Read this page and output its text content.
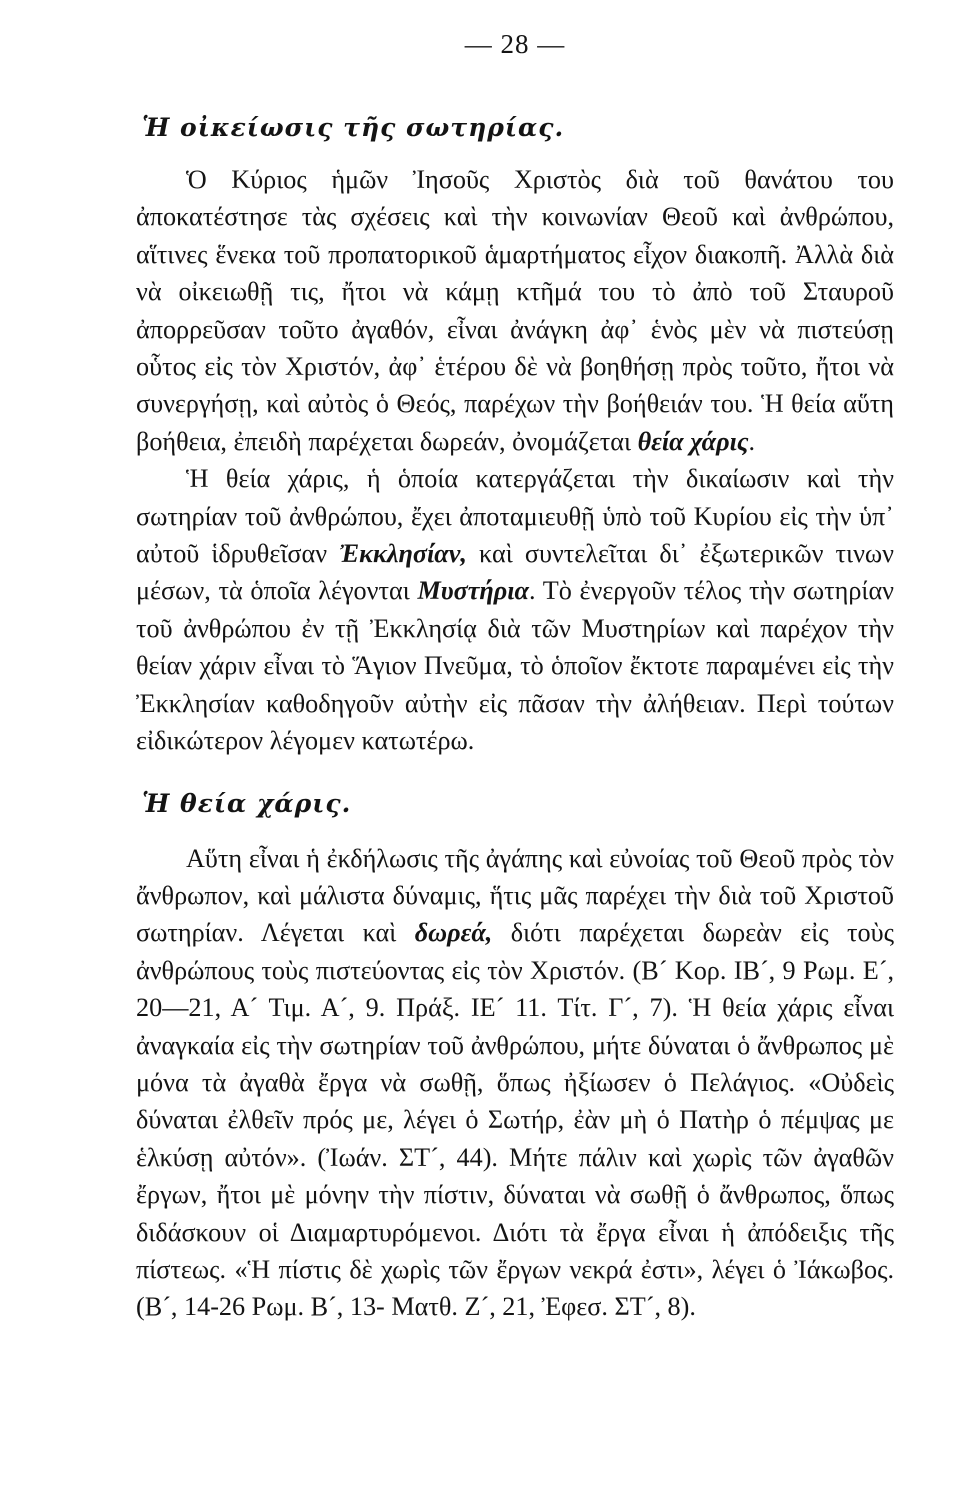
— 28 —
Ἡ οἰκείωσις τῆς σωτηρίας.

Ὁ Κύριος ἡμῶν Ἰησοῦς Χριστὸς διὰ τοῦ θανάτου του ἀποκατέστησε τὰς σχέσεις καὶ τὴν κοινωνίαν Θεοῦ καὶ ἀνθρώπου, αἵτινες ἕνεκα τοῦ προπατορικοῦ ἁμαρτήματος εἶχον διακοπῆ. Ἀλλὰ διὰ νὰ οἰκειωθῇ τις, ἤτοι νὰ κάμῃ κτῆμά του τὸ ἀπὸ τοῦ Σταυροῦ ἀπορρεῦσαν τοῦτο ἀγαθόν, εἶναι ἀνάγκη ἀφ᾽ ἑνὸς μὲν νὰ πιστεύσῃ οὗτος εἰς τὸν Χριστόν, ἀφ᾽ ἑτέρου δὲ νὰ βοηθήσῃ πρὸς τοῦτο, ἤτοι νὰ συνεργήσῃ, καὶ αὐτὸς ὁ Θεός, παρέχων τὴν βοήθειάν του. Ἡ θεία αὕτη βοήθεια, ἐπειδὴ παρέχεται δωρεάν, ὀνομάζεται θεία χάρις.

Ἡ θεία χάρις, ἡ ὁποία κατεργάζεται τὴν δικαίωσιν καὶ τὴν σωτηρίαν τοῦ ἀνθρώπου, ἔχει ἀποταμιευθῇ ὑπὸ τοῦ Κυρίου εἰς τὴν ὑπ᾽ αὐτοῦ ἱδρυθεῖσαν Ἐκκλησίαν, καὶ συντελεῖται δι᾽ ἐξωτερικῶν τινων μέσων, τὰ ὁποῖα λέγονται Μυστήρια. Τὸ ἐνεργοῦν τέλος τὴν σωτηρίαν τοῦ ἀνθρώπου ἐν τῇ Ἐκκλησίᾳ διὰ τῶν Μυστηρίων καὶ παρέχον τὴν θείαν χάριν εἶναι τὸ Ἅγιον Πνεῦμα, τὸ ὁποῖον ἔκτοτε παραμένει εἰς τὴν Ἐκκλησίαν καθοδηγοῦν αὐτὴν εἰς πᾶσαν τὴν ἀλήθειαν. Περὶ τούτων εἰδικώτερον λέγομεν κατωτέρω.

Ἡ θεία χάρις.

Αὕτη εἶναι ἡ ἐκδήλωσις τῆς ἀγάπης καὶ εὐνοίας τοῦ Θεοῦ πρὸς τὸν ἄνθρωπον, καὶ μάλιστα δύναμις, ἥτις μᾶς παρέχει τὴν διὰ τοῦ Χριστοῦ σωτηρίαν. Λέγεται καὶ δωρεά, διότι παρέχεται δωρεὰν εἰς τοὺς ἀνθρώπους τοὺς πιστεύοντας εἰς τὸν Χριστόν. (Β´ Κορ. ΙΒ´, 9 Ρωμ. Ε´, 20—21, Α´ Τιμ. Α´, 9. Πράξ. ΙΕ´ 11. Τίτ. Γ´, 7). Ἡ θεία χάρις εἶναι ἀναγκαία εἰς τὴν σωτηρίαν τοῦ ἀνθρώπου, μήτε δύναται ὁ ἄνθρωπος μὲ μόνα τὰ ἀγαθὰ ἔργα νὰ σωθῇ, ὅπως ἠξίωσεν ὁ Πελάγιος. «Οὐδεὶς δύναται ἐλθεῖν πρός με, λέγει ὁ Σωτήρ, ἐὰν μὴ ὁ Πατὴρ ὁ πέμψας με ἑλκύσῃ αὐτόν». (Ἰωάν. ΣΤ´, 44). Μήτε πάλιν καὶ χωρὶς τῶν ἀγαθῶν ἔργων, ἤτοι μὲ μόνην τὴν πίστιν, δύναται νὰ σωθῇ ὁ ἄνθρωπος, ὅπως διδάσκουν οἱ Διαμαρτυρόμενοι. Διότι τὰ ἔργα εἶναι ἡ ἀπόδειξις τῆς πίστεως. «Ἡ πίστις δὲ χωρὶς τῶν ἔργων νεκρά ἐστι», λέγει ὁ Ἰάκωβος. (Β´, 14-26 Ρωμ. Β´, 13- Ματθ. Ζ´, 21, Ἐφεσ. ΣΤ´, 8).
